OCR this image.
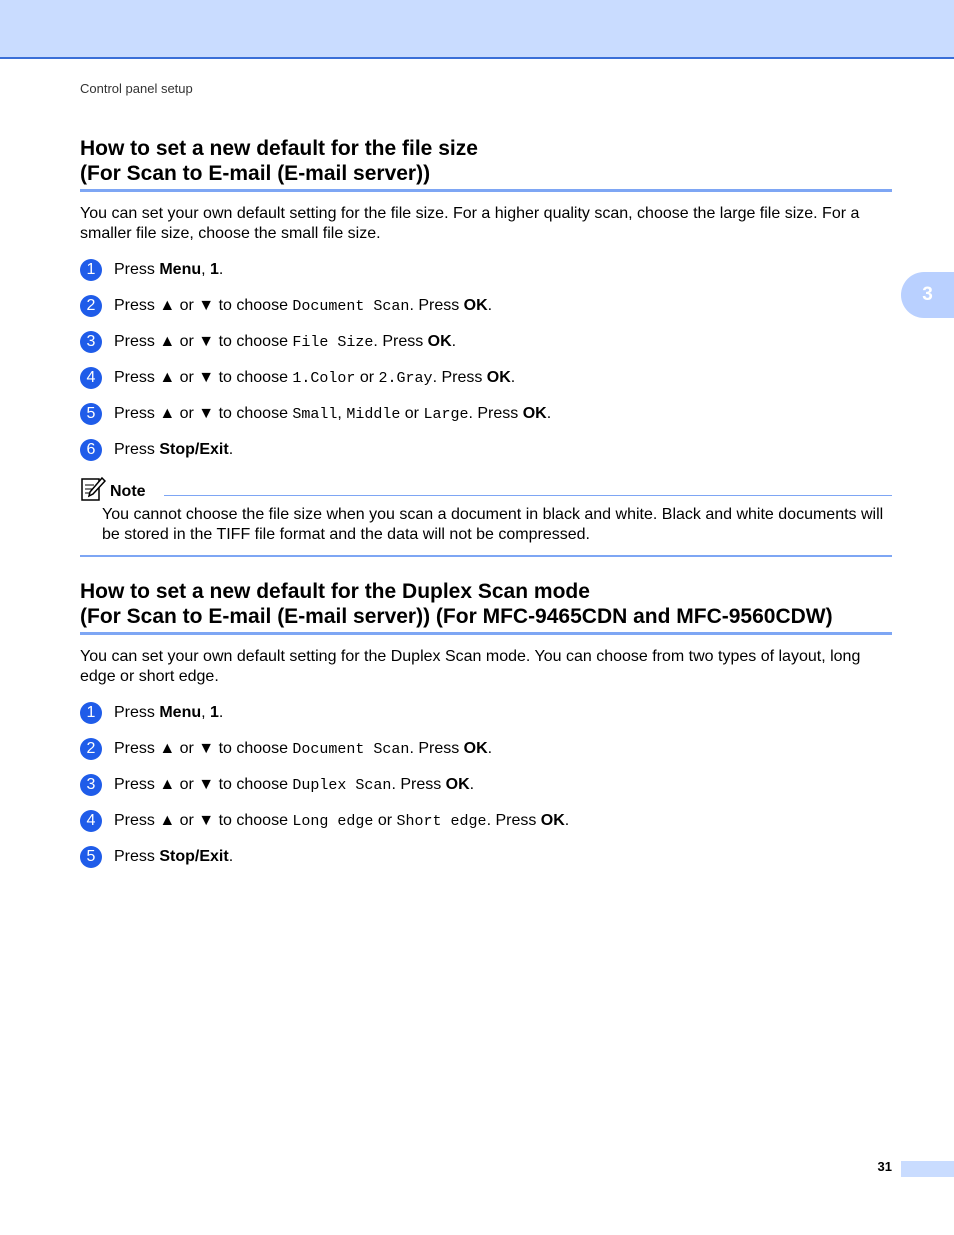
Control panel setup
3
How to set a new default for the file size
(For Scan to E-mail (E-mail server))

You can set your own default setting for the file size. For a higher quality scan, choose the large file size. For a smaller file size, choose the small file size.

1	Press Menu, 1.
2	Press ▲ or ▼ to choose Document Scan. Press OK.
3	Press ▲ or ▼ to choose File Size. Press OK.
4	Press ▲ or ▼ to choose 1.Color or 2.Gray. Press OK.
5	Press ▲ or ▼ to choose Small, Middle or Large. Press OK.
6	Press Stop/Exit.
Note
You cannot choose the file size when you scan a document in black and white. Black and white documents will be stored in the TIFF file format and the data will not be compressed.
How to set a new default for the Duplex Scan mode
(For Scan to E-mail (E-mail server)) (For MFC-9465CDN and MFC-9560CDW)

You can set your own default setting for the Duplex Scan mode. You can choose from two types of layout, long edge or short edge.

1	Press Menu, 1.
2	Press ▲ or ▼ to choose Document Scan. Press OK.
3	Press ▲ or ▼ to choose Duplex Scan. Press OK.
4	Press ▲ or ▼ to choose Long edge or Short edge. Press OK.
5	Press Stop/Exit.
31
